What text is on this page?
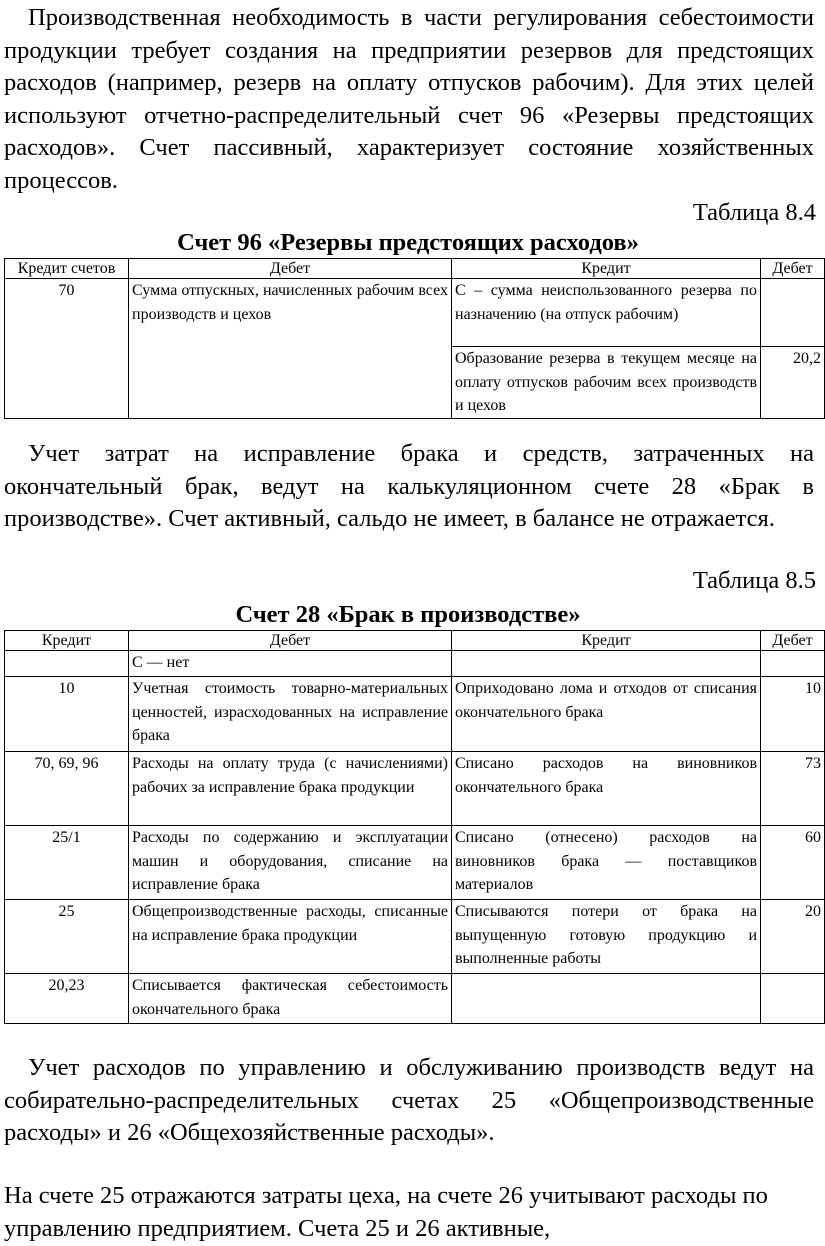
Производственная необходимость в части регулирования себестоимости продукции требует создания на предприятии резервов для предстоящих расходов (например, резерв на оплату отпусков рабочим). Для этих целей используют отчетно-распределительный счет 96 «Резервы предстоящих расходов». Счет пассивный, характеризует состояние хозяйственных процессов.

Таблица 8.4
Счет 96 «Резервы предстоящих расходов»
Кредит счетов	Дебет	Кредит	Дебет
70	Сумма отпускных, начисленных рабочим всех производств и цехов	С – сумма неиспользованного резерва по назначению (на отпуск рабочим)	
		Образование резерва в текущем месяце на оплату отпусков рабочим всех производств и цехов	20,2

Учет затрат на исправление брака и средств, затраченных на окончательный брак, ведут на калькуляционном счете 28 «Брак в производстве». Счет активный, сальдо не имеет, в балансе не отражается.

Таблица 8.5
Счет 28 «Брак в производстве»
Кредит	Дебет	Кредит	Дебет
	С — нет		
10	Учетная стоимость товарно-материальных ценностей, израсходованных на исправление брака	Оприходовано лома и отходов от списания окончательного брака	10
70, 69, 96	Расходы на оплату труда (с начислениями) рабочих за исправление брака продукции	Списано расходов на виновников окончательного брака	73
25/1	Расходы по содержанию и эксплуатации машин и оборудования, списание на исправление брака	Списано (отнесено) расходов на виновников брака — поставщиков материалов	60
25	Общепроизводственные расходы, списанные на исправление брака продукции	Списываются потери от брака на выпущенную готовую продукцию и выполненные работы	20
20,23	Списывается фактическая себестоимость окончательного брака		

Учет расходов по управлению и обслуживанию производств ведут на собирательно-распределительных счетах 25 «Общепроизводственные расходы» и 26 «Общехозяйственные расходы».

На счете 25 отражаются затраты цеха, на счете 26 учитывают расходы по управлению предприятием. Счета 25 и 26 активные,
